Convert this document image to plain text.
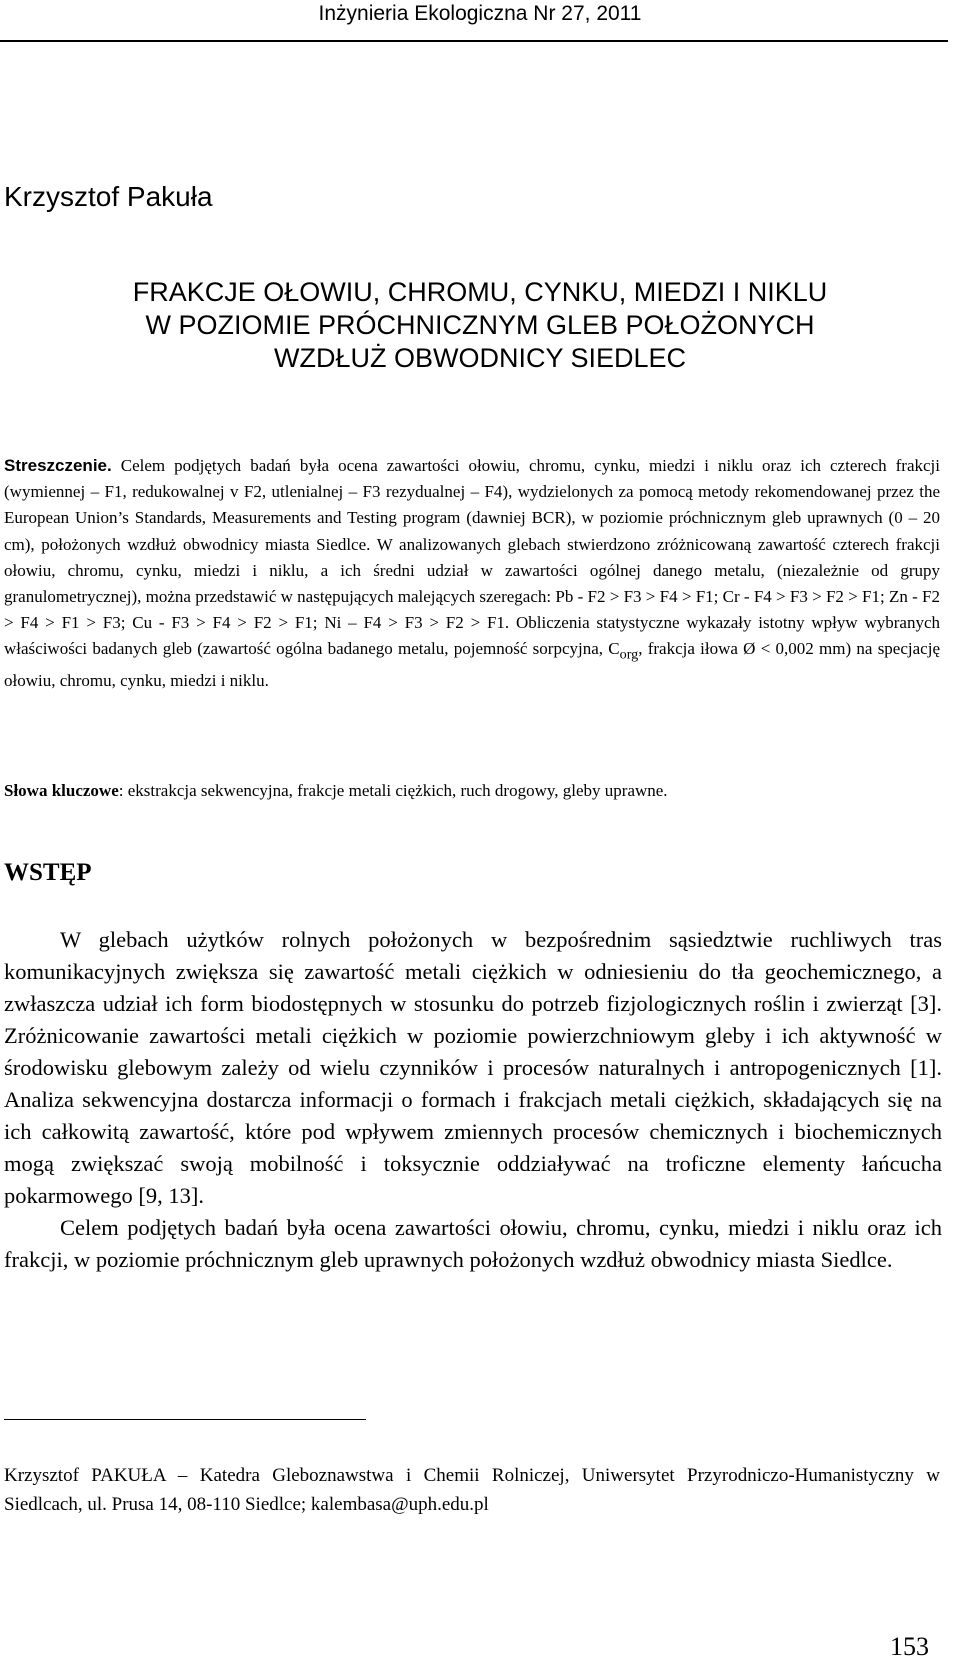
Inżynieria Ekologiczna Nr 27, 2011
Krzysztof Pakuła
FRAKCJE OŁOWIU, CHROMU, CYNKU, MIEDZI I NIKLU
W POZIOMIE PRÓCHNICZNYM GLEB POŁOŻONYCH
WZDŁUŻ OBWODNICY SIEDLEC
Streszczenie. Celem podjętych badań była ocena zawartości ołowiu, chromu, cynku, miedzi i niklu oraz ich czterech frakcji (wymiennej – F1, redukowalnej v F2, utlenialnej – F3 rezydualnej – F4), wydzielonych za pomocą metody rekomendowanej przez the European Union’s Standards, Measurements and Testing program (dawniej BCR), w poziomie próchnicznym gleb uprawnych (0 – 20 cm), położonych wzdłuż obwodnicy miasta Siedlce. W analizowanych glebach stwierdzono zróżnicowaną zawartość czterech frakcji ołowiu, chromu, cynku, miedzi i niklu, a ich średni udział w zawartości ogólnej danego metalu, (niezależnie od grupy granulometrycznej), można przedstawić w następujących malejących szeregach: Pb - F2 > F3 > F4 > F1; Cr - F4 > F3 > F2 > F1; Zn - F2 > F4 > F1 > F3; Cu - F3 > F4 > F2 > F1; Ni – F4 > F3 > F2 > F1. Obliczenia statystyczne wykazały istotny wpływ wybranych właściwości badanych gleb (zawartość ogólna badanego metalu, pojemność sorpcyjna, $C_{org}$, frakcja iłowa Ø < 0,002 mm) na specjację ołowiu, chromu, cynku, miedzi i niklu.
Słowa kluczowe: ekstrakcja sekwencyjna, frakcje metali ciężkich, ruch drogowy, gleby uprawne.
WSTĘP

W glebach użytków rolnych położonych w bezpośrednim sąsiedztwie ruchliwych tras komunikacyjnych zwiększa się zawartość metali ciężkich w odniesieniu do tła geochemicznego, a zwłaszcza udział ich form biodostępnych w stosunku do potrzeb fizjologicznych roślin i zwierząt [3]. Zróżnicowanie zawartości metali ciężkich w poziomie powierzchniowym gleby i ich aktywność w środowisku glebowym zależy od wielu czynników i procesów naturalnych i antropogenicznych [1]. Analiza sekwencyjna dostarcza informacji o formach i frakcjach metali ciężkich, składających się na ich całkowitą zawartość, które pod wpływem zmiennych procesów chemicznych i biochemicznych mogą zwiększać swoją mobilność i toksycznie oddziaływać na troficzne elementy łańcucha pokarmowego [9, 13].

Celem podjętych badań była ocena zawartości ołowiu, chromu, cynku, miedzi i niklu oraz ich frakcji, w poziomie próchnicznym gleb uprawnych położonych wzdłuż obwodnicy miasta Siedlce.

Krzysztof PAKUŁA – Katedra Gleboznawstwa i Chemii Rolniczej, Uniwersytet Przyrodniczo-Humanistyczny w Siedlcach, ul. Prusa 14, 08-110 Siedlce; kalembasa@uph.edu.pl
153
